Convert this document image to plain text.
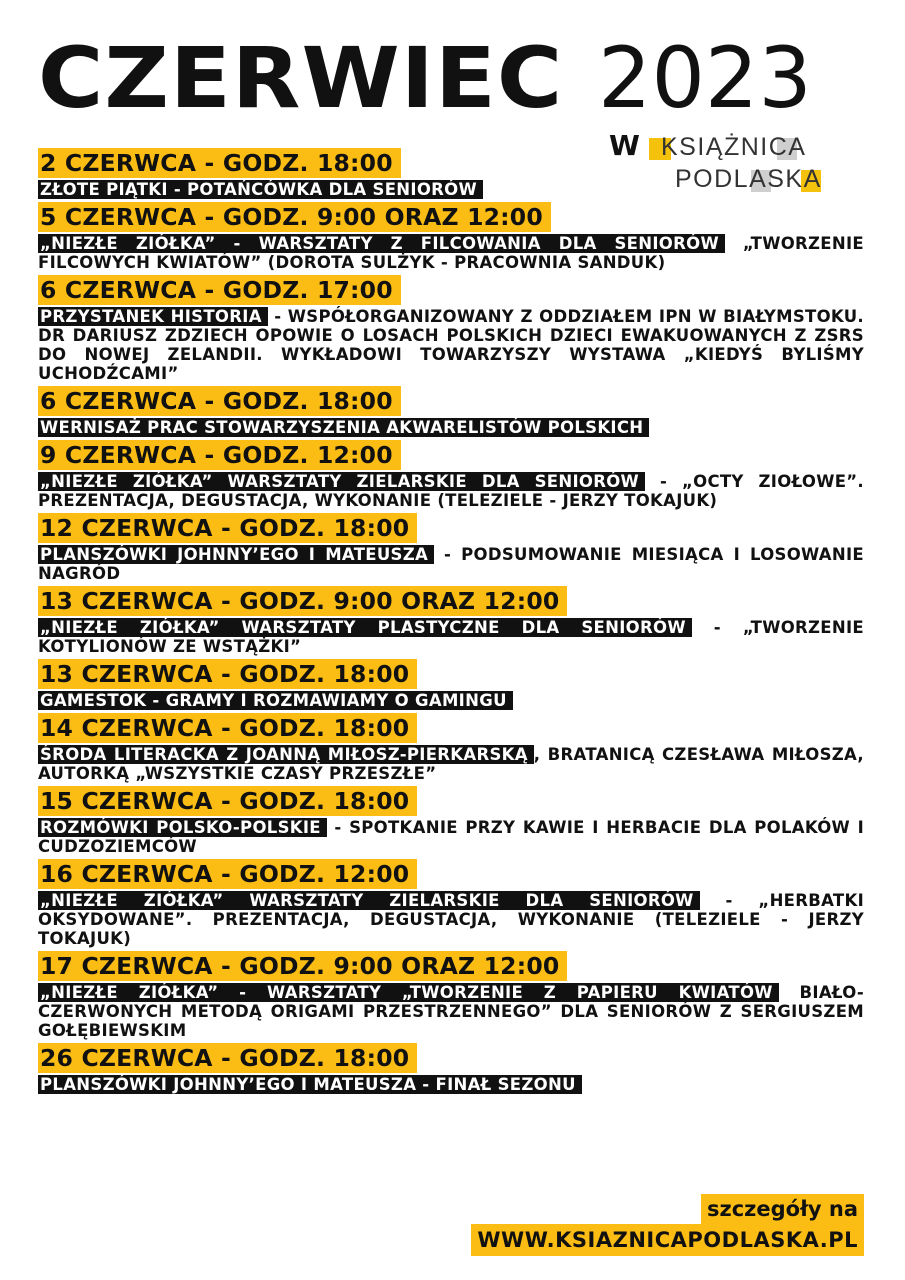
CZERWIEC 2023
W KSIĄŻNICA
PODLASKA
2 CZERWCA - GODZ. 18:00
ZŁOTE PIĄTKI - POTAŃCÓWKA DLA SENIORÓW
5 CZERWCA - GODZ. 9:00 ORAZ 12:00
„NIEZŁE ZIÓŁKA” - WARSZTATY Z FILCOWANIA DLA SENIORÓW „TWORZENIE FILCOWYCH KWIATÓW” (DOROTA SULŻYK - PRACOWNIA SANDUK)
6 CZERWCA - GODZ. 17:00
PRZYSTANEK HISTORIA - WSPÓŁORGANIZOWANY Z ODDZIAŁEM IPN W BIAŁYMSTOKU. DR DARIUSZ ZDZIECH OPOWIE O LOSACH POLSKICH DZIECI EWAKUOWANYCH Z ZSRS DO NOWEJ ZELANDII. WYKŁADOWI TOWARZYSZY WYSTAWA „KIEDYŚ BYLIŚMY UCHODŹCAMI”
6 CZERWCA - GODZ. 18:00
WERNISAŻ PRAC STOWARZYSZENIA AKWARELISTÓW POLSKICH
9 CZERWCA - GODZ. 12:00
„NIEZŁE ZIÓŁKA” WARSZTATY ZIELARSKIE DLA SENIORÓW - „OCTY ZIOŁOWE”. PREZENTACJA, DEGUSTACJA, WYKONANIE (TELEZIELE - JERZY TOKAJUK)
12 CZERWCA - GODZ. 18:00
PLANSZÓWKI JOHNNY’EGO I MATEUSZA - PODSUMOWANIE MIESIĄCA I LOSOWANIE NAGRÓD
13 CZERWCA - GODZ. 9:00 ORAZ 12:00
„NIEZŁE ZIÓŁKA” WARSZTATY PLASTYCZNE DLA SENIORÓW - „TWORZENIE KOTYLIONÓW ZE WSTĄŻKI”
13 CZERWCA - GODZ. 18:00
GAMESTOK - GRAMY I ROZMAWIAMY O GAMINGU
14 CZERWCA - GODZ. 18:00
ŚRODA LITERACKA Z JOANNĄ MIŁOSZ-PIERKARSKĄ , BRATANICĄ CZESŁAWA MIŁOSZA, AUTORKĄ „WSZYSTKIE CZASY PRZESZŁE”
15 CZERWCA - GODZ. 18:00
ROZMÓWKI POLSKO-POLSKIE - SPOTKANIE PRZY KAWIE I HERBACIE DLA POLAKÓW I CUDZOZIEMCÓW
16 CZERWCA - GODZ. 12:00
„NIEZŁE ZIÓŁKA” WARSZTATY ZIELARSKIE DLA SENIORÓW - „HERBATKI OKSYDOWANE”. PREZENTACJA, DEGUSTACJA, WYKONANIE (TELEZIELE - JERZY TOKAJUK)
17 CZERWCA - GODZ. 9:00 ORAZ 12:00
„NIEZŁE ZIÓŁKA” - WARSZTATY „TWORZENIE Z PAPIERU KWIATÓW BIAŁO-CZERWONYCH METODĄ ORIGAMI PRZESTRZENNEGO” DLA SENIORÓW Z SERGIUSZEM GOŁĘBIEWSKIM
26 CZERWCA - GODZ. 18:00
PLANSZÓWKI JOHNNY’EGO I MATEUSZA - FINAŁ SEZONU
szczegóły na
WWW.KSIAZNICAPODLASKA.PL
